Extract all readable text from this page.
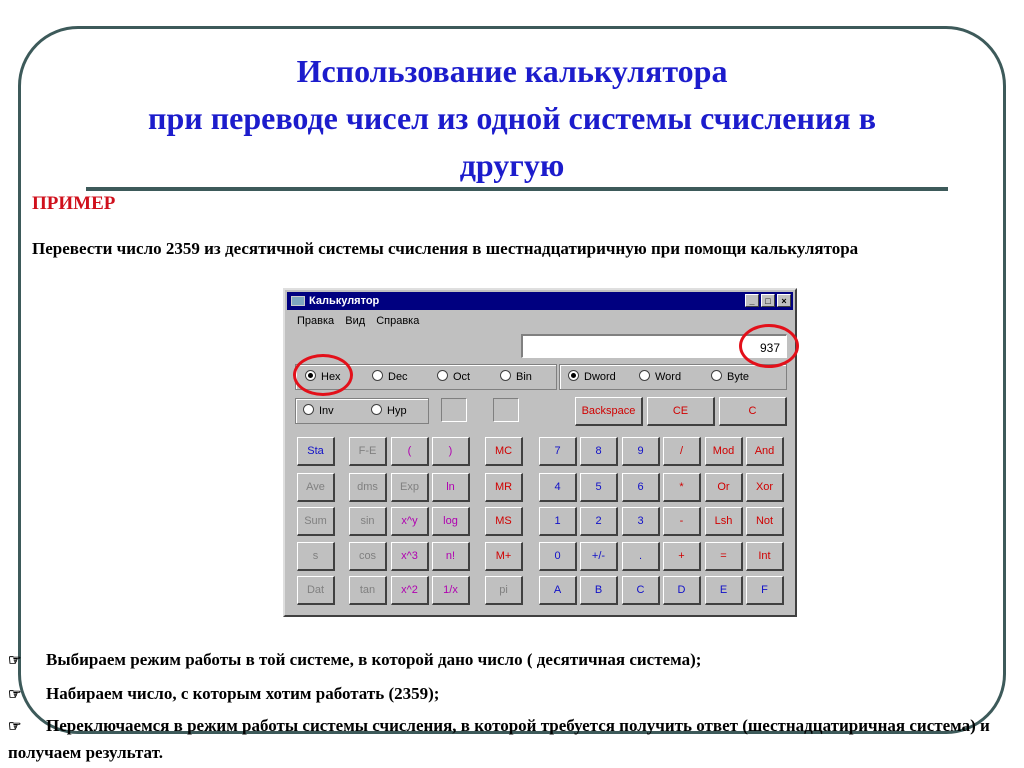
Использование калькулятора
при переводе чисел из одной системы счисления в
другую
ПРИМЕР
Перевести число 2359 из десятичной системы счисления в шестнадцатиричную при помощи калькулятора
Калькулятор	_	□	×
Правка Вид Справка
937
Hex	Dec	Oct	Bin	Dword	Word	Byte
Inv	Hyp	Backspace	CE	C
Sta	F-E	(	)	MC	7	8	9	/	Mod	And
Ave	dms	Exp	ln	MR	4	5	6	*	Or	Xor
Sum	sin	x^y	log	MS	1	2	3	-	Lsh	Not
s	cos	x^3	n!	M+	0	+/-	.	+	=	Int
Dat	tan	x^2	1/x	pi	A	B	C	D	E	F
☞ Выбираем режим работы в той системе, в которой дано число ( десятичная система);
☞ Набираем число, с которым хотим работать (2359);
☞ Переключаемся в режим работы системы счисления, в которой требуется получить ответ (шестнадцатиричная система) и получаем результат.
